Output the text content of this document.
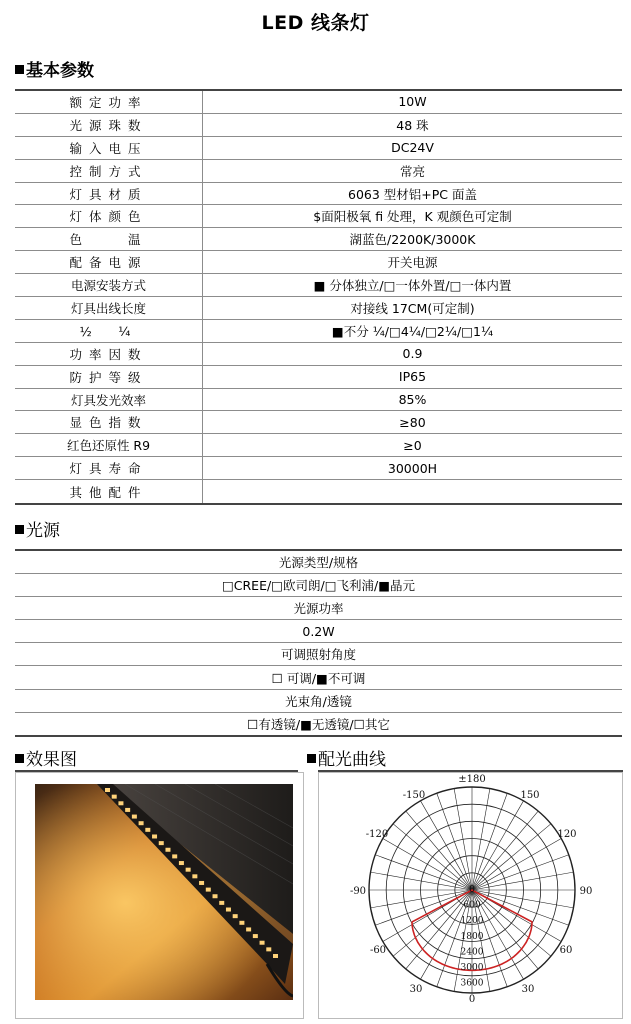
LED 线条灯
基本参数
额定功率	10W
光源珠数	48 珠
输入电压	DC24V
控制方式	常亮
灯具材质	6063 型材铝+PC 面盖
灯体颜色	$面阳极氧 fi 处理，K 观颜色可定制
色　　温	湖蓝色/2200K/3000K
配备电源	开关电源
电源安装方式	■ 分体独立/□一体外置/□一体内置
灯具出线长度	对接线 17CM(可定制)
½　¼	■不分 ¼/□4¼/□2¼/□1¼
功率因数	0.9
防护等级	IP65
灯具发光效率	85%
显色指数	≥80
红色还原性 R9	≥0
灯具寿命	30000H
其他配件	
光源
光源类型/规格
□CREE/□欧司朗/□飞利浦/■晶元
光源功率
0.2W
可调照射角度
☐ 可调/■不可调
光束角/透镜
☐有透镜/■无透镜/☐其它
效果图	配光曲线
±180
-150	150
-120	120
-90	90
-60	60
30
0
30
0
600
1200
1800
2400
3000
3600
